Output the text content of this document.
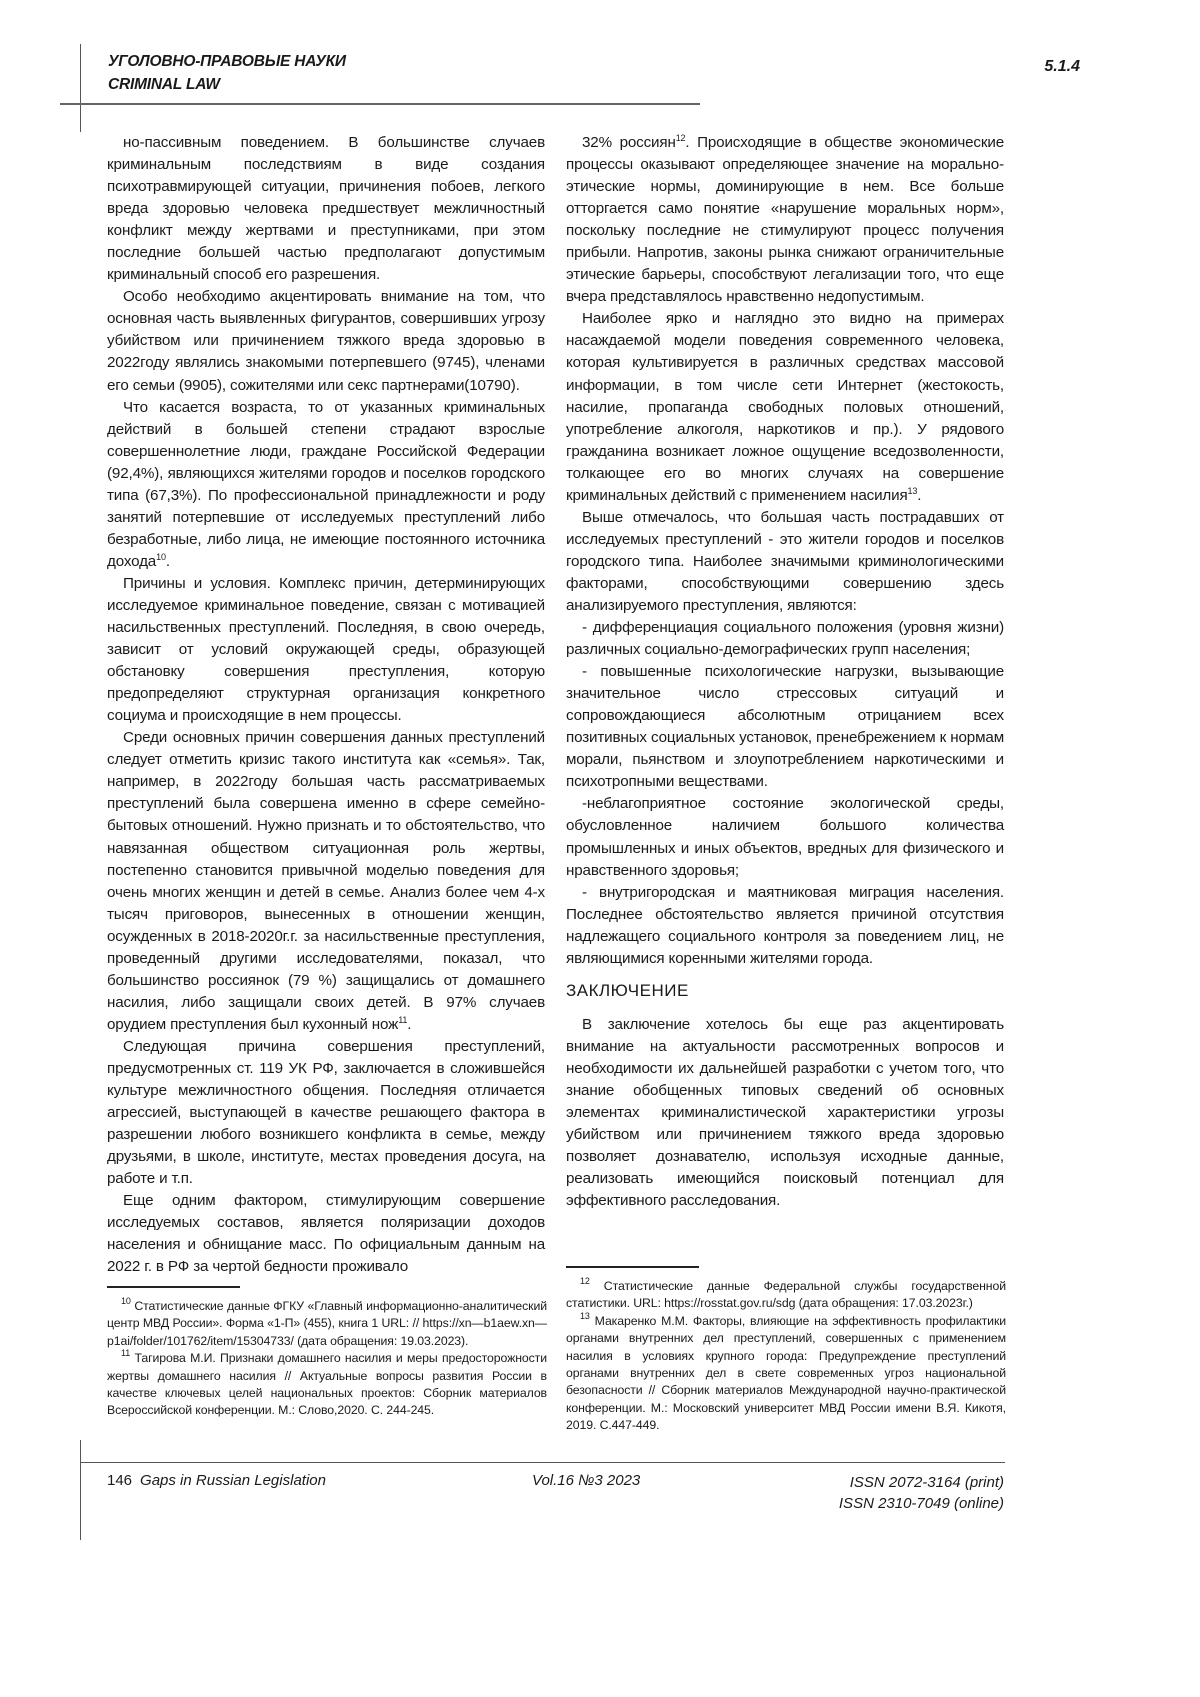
УГОЛОВНО-ПРАВОВЫЕ НАУКИ
CRIMINAL LAW
5.1.4

но-пассивным поведением. В большинстве случаев криминальным последствиям в виде создания психотравмирующей ситуации, причинения побоев, легкого вреда здоровью человека предшествует межличностный конфликт между жертвами и преступниками, при этом последние большей частью предполагают допустимым криминальный способ его разрешения.

Особо необходимо акцентировать внимание на том, что основная часть выявленных фигурантов, совершивших угрозу убийством или причинением тяжкого вреда здоровью в 2022году являлись знакомыми потерпевшего (9745), членами его семьи (9905), сожителями или секс партнерами(10790).

Что касается возраста, то от указанных криминальных действий в большей степени страдают взрослые совершеннолетние люди, граждане Российской Федерации (92,4%), являющихся жителями городов и поселков городского типа (67,3%). По профессиональной принадлежности и роду занятий потерпевшие от исследуемых преступлений либо безработные, либо лица, не имеющие постоянного источника дохода10.

Причины и условия. Комплекс причин, детерминирующих исследуемое криминальное поведение, связан с мотивацией насильственных преступлений. Последняя, в свою очередь, зависит от условий окружающей среды, образующей обстановку совершения преступления, которую предопределяют структурная организация конкретного социума и происходящие в нем процессы.

Среди основных причин совершения данных преступлений следует отметить кризис такого института как «семья». Так, например, в 2022году большая часть рассматриваемых преступлений была совершена именно в сфере семейно-бытовых отношений. Нужно признать и то обстоятельство, что навязанная обществом ситуационная роль жертвы, постепенно становится привычной моделью поведения для очень многих женщин и детей в семье. Анализ более чем 4-х тысяч приговоров, вынесенных в отношении женщин, осужденных в 2018-2020г.г. за насильственные преступления, проведенный другими исследователями, показал, что большинство россиянок (79 %) защищались от домашнего насилия, либо защищали своих детей. В 97% случаев орудием преступления был кухонный нож11.

Следующая причина совершения преступлений, предусмотренных ст. 119 УК РФ, заключается в сложившейся культуре межличностного общения. Последняя отличается агрессией, выступающей в качестве решающего фактора в разрешении любого возникшего конфликта в семье, между друзьями, в школе, институте, местах проведения досуга, на работе и т.п.

Еще одним фактором, стимулирующим совершение исследуемых составов, является поляризации доходов населения и обнищание масс. По официальным данным на 2022 г. в РФ за чертой бедности проживало

32% россиян12. Происходящие в обществе экономические процессы оказывают определяющее значение на морально-этические нормы, доминирующие в нем. Все больше отторгается само понятие «нарушение моральных норм», поскольку последние не стимулируют процесс получения прибыли. Напротив, законы рынка снижают ограничительные этические барьеры, способствуют легализации того, что еще вчера представлялось нравственно недопустимым.

Наиболее ярко и наглядно это видно на примерах насаждаемой модели поведения современного человека, которая культивируется в различных средствах массовой информации, в том числе сети Интернет (жестокость, насилие, пропаганда свободных половых отношений, употребление алкоголя, наркотиков и пр.). У рядового гражданина возникает ложное ощущение вседозволенности, толкающее его во многих случаях на совершение криминальных действий с применением насилия13.

Выше отмечалось, что большая часть пострадавших от исследуемых преступлений - это жители городов и поселков городского типа. Наиболее значимыми криминологическими факторами, способствующими совершению здесь анализируемого преступления, являются:

- дифференциация социального положения (уровня жизни) различных социально-демографических групп населения;

- повышенные психологические нагрузки, вызывающие значительное число стрессовых ситуаций и сопровождающиеся абсолютным отрицанием всех позитивных социальных установок, пренебрежением к нормам морали, пьянством и злоупотреблением наркотическими и психотропными веществами.

-неблагоприятное состояние экологической среды, обусловленное наличием большого количества промышленных и иных объектов, вредных для физического и нравственного здоровья;

- внутригородская и маятниковая миграция населения. Последнее обстоятельство является причиной отсутствия надлежащего социального контроля за поведением лиц, не являющимися коренными жителями города.

ЗАКЛЮЧЕНИЕ

В заключение хотелось бы еще раз акцентировать внимание на актуальности рассмотренных вопросов и необходимости их дальнейшей разработки с учетом того, что знание обобщенных типовых сведений об основных элементах криминалистической характеристики угрозы убийством или причинением тяжкого вреда здоровью позволяет дознавателю, используя исходные данные, реализовать имеющийся поисковый потенциал для эффективного расследования.

10 Статистические данные ФГКУ «Главный информационно-аналитический центр МВД России». Форма «1-П» (455), книга 1 URL: // https://xn—b1aew.xn—p1ai/folder/101762/item/15304733/ (дата обращения: 19.03.2023).

11 Тагирова М.И. Признаки домашнего насилия и меры предосторожности жертвы домашнего насилия // Актуальные вопросы развития России в качестве ключевых целей национальных проектов: Сборник материалов Всероссийской конференции. М.: Слово,2020. С. 244-245.

12 Статистические данные Федеральной службы государственной статистики. URL: https://rosstat.gov.ru/sdg (дата обращения: 17.03.2023г.)

13 Макаренко М.М. Факторы, влияющие на эффективность профилактики органами внутренних дел преступлений, совершенных с применением насилия в условиях крупного города: Предупреждение преступлений органами внутренних дел в свете современных угроз национальной безопасности // Сборник материалов Международной научно-практической конференции. М.: Московский университет МВД России имени В.Я. Кикотя, 2019. С.447-449.

146 Gaps in Russian Legislation	Vol.16 №3 2023	ISSN 2072-3164 (print)
ISSN 2310-7049 (online)
